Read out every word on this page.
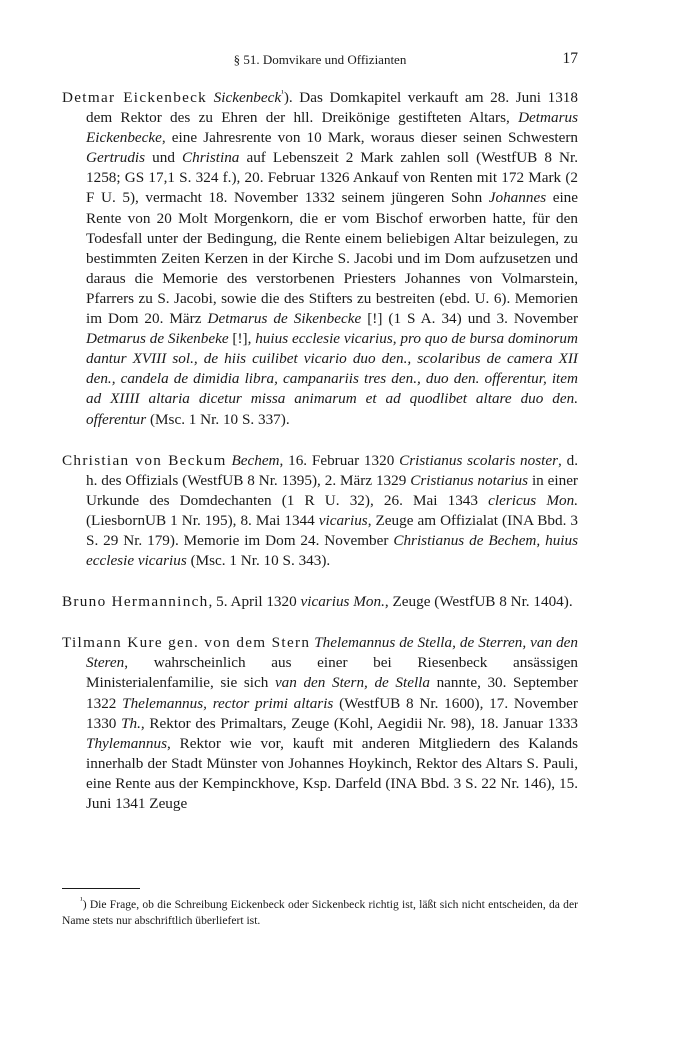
§ 51. Domvikare und Offizianten	17

Detmar Eickenbeck Sickenbeck$^{^1}$). Das Domkapitel verkauft am 28. Juni 1318 dem Rektor des zu Ehren der hll. Dreikönige gestifteten Altars, Detmarus Eickenbecke, eine Jahresrente von 10 Mark, woraus dieser seinen Schwestern Gertrudis und Christina auf Lebenszeit 2 Mark zahlen soll (WestfUB 8 Nr. 1258; GS 17,1 S. 324 f.), 20. Februar 1326 Ankauf von Renten mit 172 Mark (2 F U. 5), vermacht 18. November 1332 seinem jüngeren Sohn Johannes eine Rente von 20 Molt Morgenkorn, die er vom Bischof erworben hatte, für den Todesfall unter der Bedingung, die Rente einem beliebigen Altar beizulegen, zu bestimmten Zeiten Kerzen in der Kirche S. Jacobi und im Dom aufzusetzen und daraus die Memorie des verstorbenen Priesters Johannes von Volmarstein, Pfarrers zu S. Jacobi, sowie die des Stifters zu bestreiten (ebd. U. 6). Memorien im Dom 20. März Detmarus de Sikenbecke [!] (1 S A. 34) und 3. November Detmarus de Sikenbeke [!], huius ecclesie vicarius, pro quo de bursa dominorum dantur XVIII sol., de hiis cuilibet vicario duo den., scolaribus de camera XII den., candela de dimidia libra, campanariis tres den., duo den. offerentur, item ad XIIII altaria dicetur missa animarum et ad quodlibet altare duo den. offerentur (Msc. 1 Nr. 10 S. 337).

Christian von Beckum Bechem, 16. Februar 1320 Cristianus scolaris noster, d. h. des Offizials (WestfUB 8 Nr. 1395), 2. März 1329 Cristianus notarius in einer Urkunde des Domdechanten (1 R U. 32), 26. Mai 1343 clericus Mon. (LiesbornUB 1 Nr. 195), 8. Mai 1344 vicarius, Zeuge am Offizialat (INA Bbd. 3 S. 29 Nr. 179). Memorie im Dom 24. November Christianus de Bechem, huius ecclesie vicarius (Msc. 1 Nr. 10 S. 343).

Bruno Hermanninch, 5. April 1320 vicarius Mon., Zeuge (WestfUB 8 Nr. 1404).

Tilmann Kure gen. von dem Stern Thelemannus de Stella, de Sterren, van den Steren, wahrscheinlich aus einer bei Riesenbeck ansässigen Ministerialenfamilie, sie sich van den Stern, de Stella nannte, 30. September 1322 Thelemannus, rector primi altaris (WestfUB 8 Nr. 1600), 17. November 1330 Th., Rektor des Primaltars, Zeuge (Kohl, Aegidii Nr. 98), 18. Januar 1333 Thylemannus, Rektor wie vor, kauft mit anderen Mitgliedern des Kalands innerhalb der Stadt Münster von Johannes Hoykinch, Rektor des Altars S. Pauli, eine Rente aus der Kempinckhove, Ksp. Darfeld (INA Bbd. 3 S. 22 Nr. 146), 15. Juni 1341 Zeuge

$^{^1}$) Die Frage, ob die Schreibung Eickenbeck oder Sickenbeck richtig ist, läßt sich nicht entscheiden, da der Name stets nur abschriftlich überliefert ist.
